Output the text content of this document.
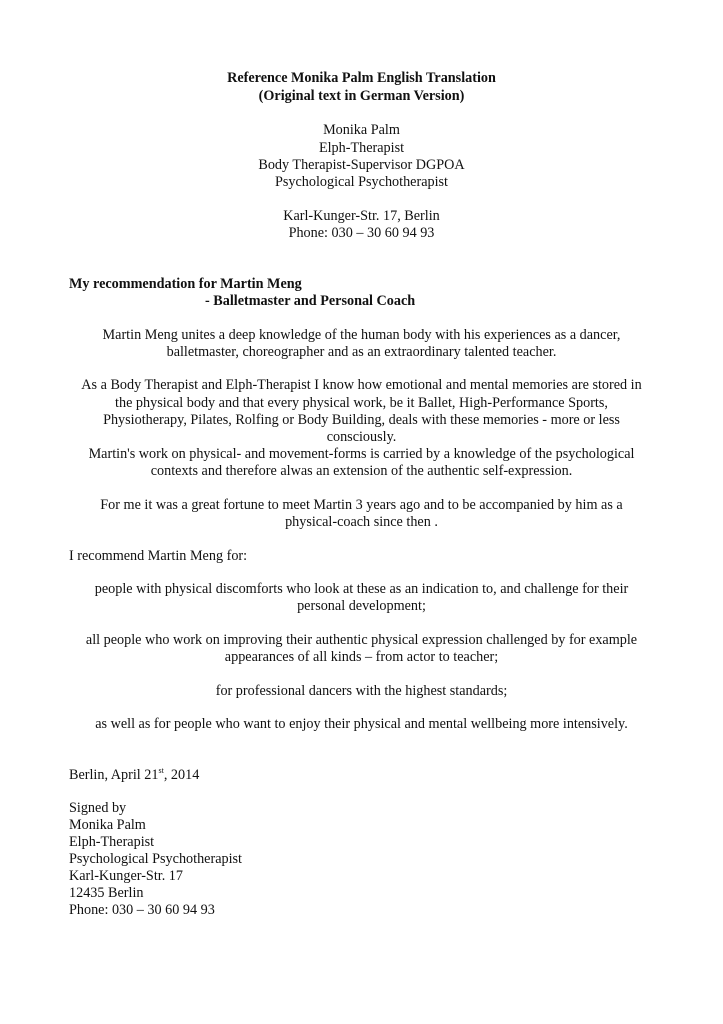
Reference Monika Palm English Translation
(Original text in German Version)
Monika Palm
Elph-Therapist
Body Therapist-Supervisor DGPOA
Psychological Psychotherapist
Karl-Kunger-Str. 17, Berlin
Phone: 030 – 30 60 94 93
My recommendation for Martin Meng
- Balletmaster and Personal Coach
Martin Meng unites a deep knowledge of the human body with his experiences as a dancer,
balletmaster, choreographer and as an extraordinary talented teacher.
As a Body Therapist and Elph-Therapist I know how emotional and mental memories are stored in
the physical body and that every physical work, be it Ballet, High-Performance Sports,
Physiotherapy, Pilates, Rolfing or Body Building, deals with these memories - more or less
consciously.
Martin's work on physical- and movement-forms is carried by a knowledge of the psychological
contexts and therefore alwas an extension of the authentic self-expression.
For me it was a great fortune to meet Martin 3 years ago and to be accompanied by him as a
physical-coach since then .
I recommend Martin Meng for:
people with physical discomforts who look at these as an indication to, and challenge for their
personal development;
all people who work on improving their authentic physical expression challenged by for example
appearances of all kinds – from actor to teacher;
for professional dancers with the highest standards;
as well as for people who want to enjoy their physical and mental wellbeing more intensively.
Berlin, April 21st, 2014
Signed by
Monika Palm
Elph-Therapist
Psychological Psychotherapist
Karl-Kunger-Str. 17
12435 Berlin
Phone: 030 – 30 60 94 93
